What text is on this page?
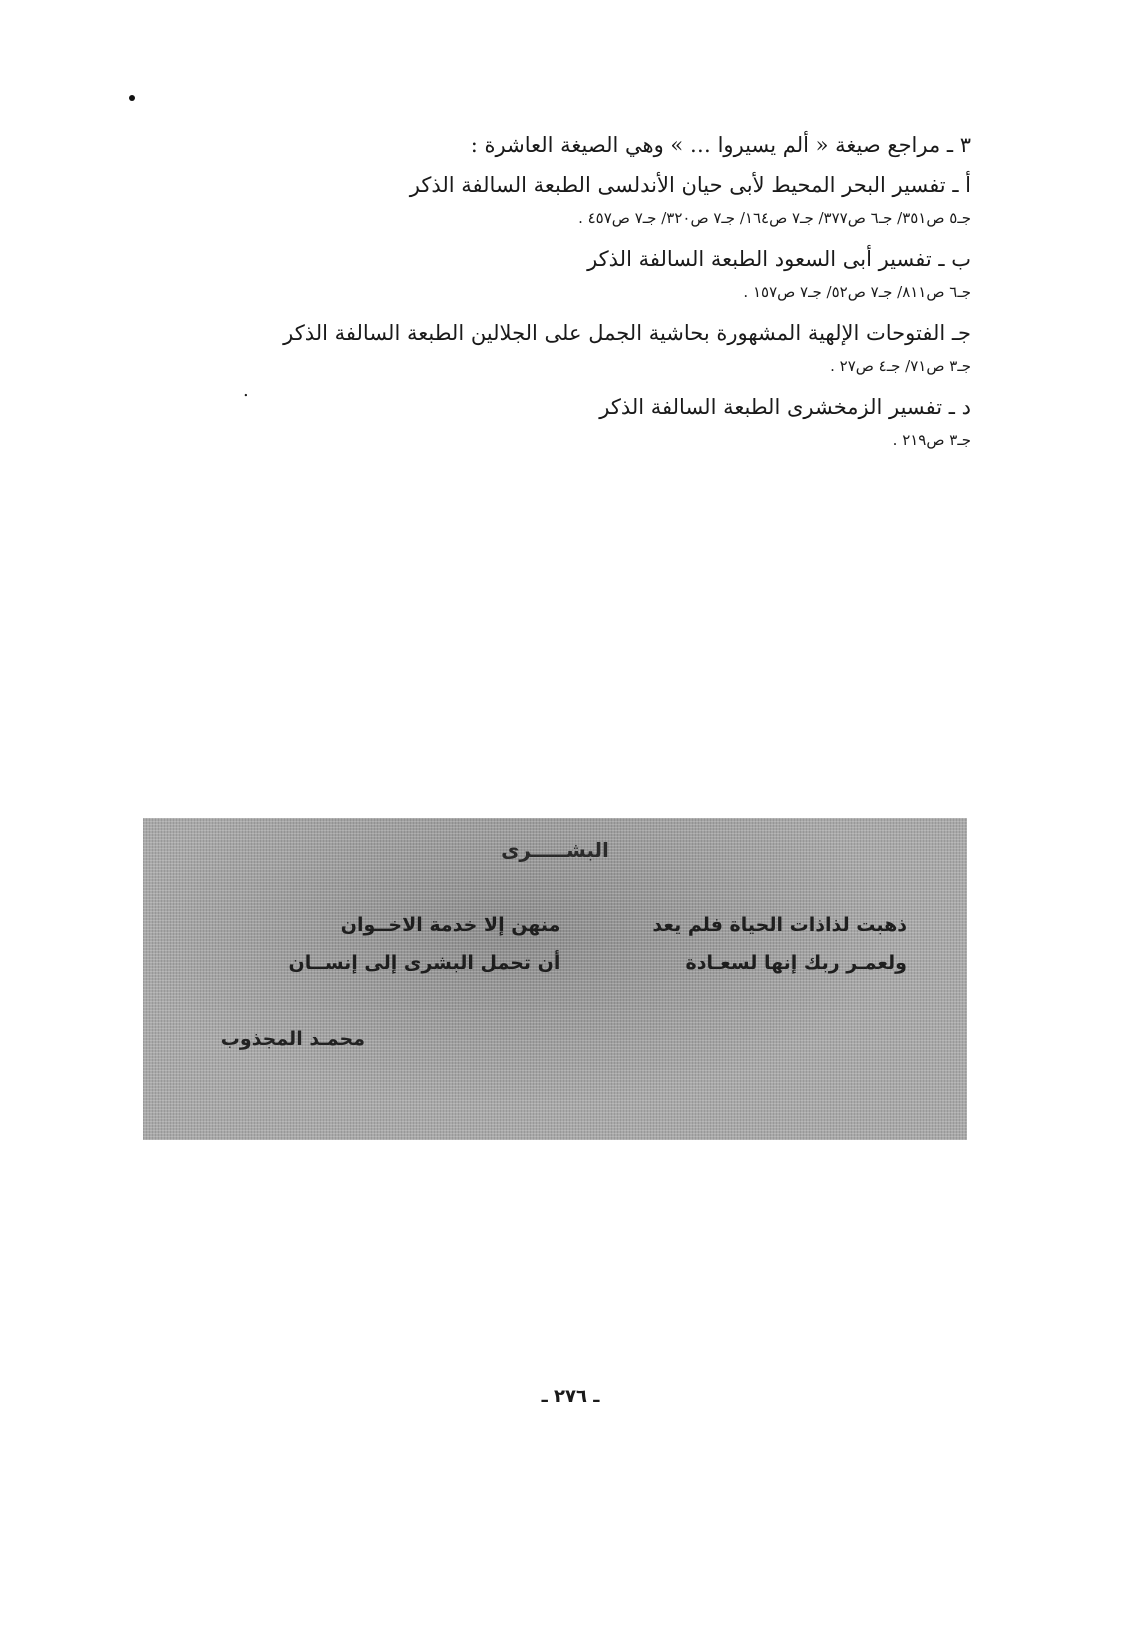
٣ ـ مراجع صيغة « ألم يسيروا … » وهي الصيغة العاشرة :
أ ـ تفسير البحر المحيط لأبى حيان الأندلسى الطبعة السالفة الذكر
جـ٥ ص٣٥١/ جـ٦ ص٣٧٧/ جـ٧ ص١٦٤/ جـ٧ ص٣٢٠/ جـ٧ ص٤٥٧ .
ب ـ تفسير أبى السعود الطبعة السالفة الذكر
جـ٦ ص٨١١/ جـ٧ ص٥٢/ جـ٧ ص١٥٧ .
جـ الفتوحات الإلهية المشهورة بحاشية الجمل على الجلالين الطبعة السالفة الذكر
جـ٣ ص٧١/ جـ٤ ص٢٧ .
د ـ تفسير الزمخشرى الطبعة السالفة الذكر
جـ٣ ص٢١٩ .
.
البشـــــرى
ذهبت لذاذات الحياة فلم يعد منهن إلا خدمة الاخــوان
ولعمـر ربك إنها لسعـادة أن تحمل البشرى إلى إنســان
محمـد المجذوب
ـ ٢٧٦ ـ
